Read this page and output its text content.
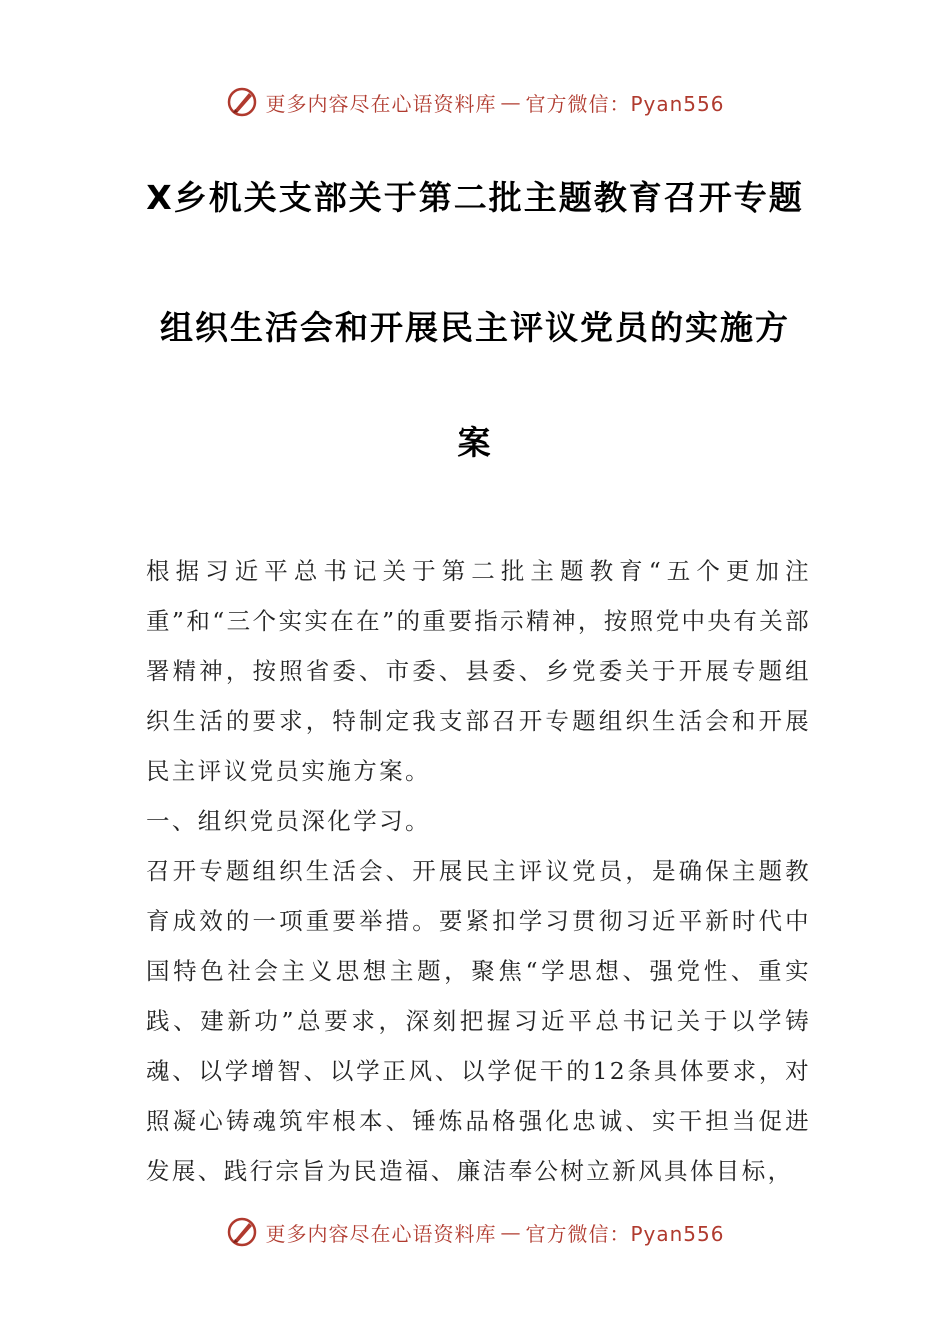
更多内容尽在心语资料库 — 官方微信：Pyan556
X乡机关支部关于第二批主题教育召开专题
组织生活会和开展民主评议党员的实施方
案

根据习近平总书记关于第二批主题教育“五个更加注重”和“三个实实在在”的重要指示精神，按照党中央有关部署精神，按照省委、市委、县委、乡党委关于开展专题组织生活的要求，特制定我支部召开专题组织生活会和开展民主评议党员实施方案。

一、组织党员深化学习。

召开专题组织生活会、开展民主评议党员，是确保主题教育成效的一项重要举措。要紧扣学习贯彻习近平新时代中国特色社会主义思想主题，聚焦“学思想、强党性、重实践、建新功”总要求，深刻把握习近平总书记关于以学铸魂、以学增智、以学正风、以学促干的12条具体要求，对照凝心铸魂筑牢根本、锤炼品格强化忠诚、实干担当促进发展、践行宗旨为民造福、廉洁奉公树立新风具体目标，

更多内容尽在心语资料库 — 官方微信：Pyan556
